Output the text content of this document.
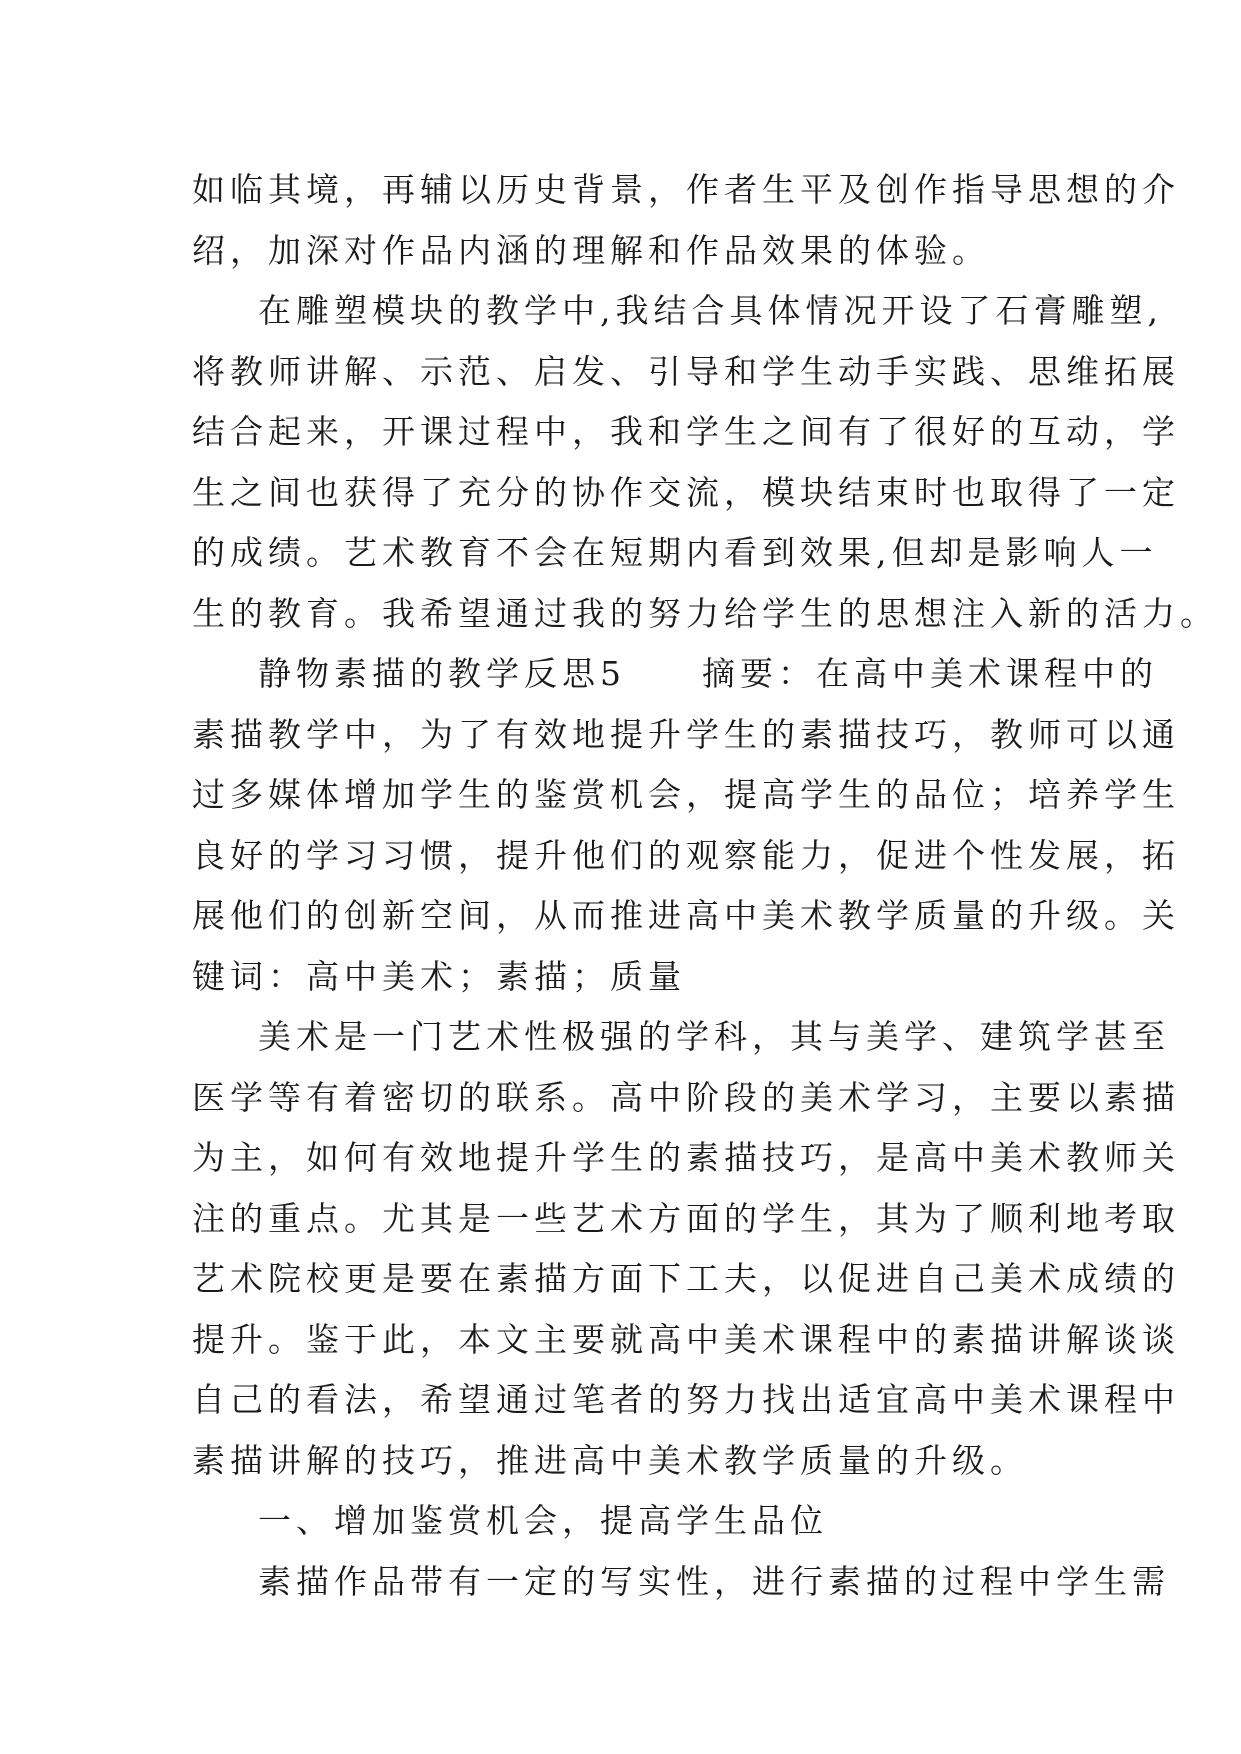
如临其境，再辅以历史背景，作者生平及创作指导思想的介
绍，加深对作品内涵的理解和作品效果的体验。
在雕塑模块的教学中,我结合具体情况开设了石膏雕塑,
将教师讲解、示范、启发、引导和学生动手实践、思维拓展
结合起来，开课过程中，我和学生之间有了很好的互动，学
生之间也获得了充分的协作交流，模块结束时也取得了一定
的成绩。艺术教育不会在短期内看到效果,但却是影响人一
生的教育。我希望通过我的努力给学生的思想注入新的活力。
静物素描的教学反思5　　摘要：在高中美术课程中的
素描教学中，为了有效地提升学生的素描技巧，教师可以通
过多媒体增加学生的鉴赏机会，提高学生的品位；培养学生
良好的学习习惯，提升他们的观察能力，促进个性发展，拓
展他们的创新空间，从而推进高中美术教学质量的升级。关
键词：高中美术；素描；质量
美术是一门艺术性极强的学科，其与美学、建筑学甚至
医学等有着密切的联系。高中阶段的美术学习，主要以素描
为主，如何有效地提升学生的素描技巧，是高中美术教师关
注的重点。尤其是一些艺术方面的学生，其为了顺利地考取
艺术院校更是要在素描方面下工夫，以促进自己美术成绩的
提升。鉴于此，本文主要就高中美术课程中的素描讲解谈谈
自己的看法，希望通过笔者的努力找出适宜高中美术课程中
素描讲解的技巧，推进高中美术教学质量的升级。
一、增加鉴赏机会，提高学生品位
素描作品带有一定的写实性，进行素描的过程中学生需
